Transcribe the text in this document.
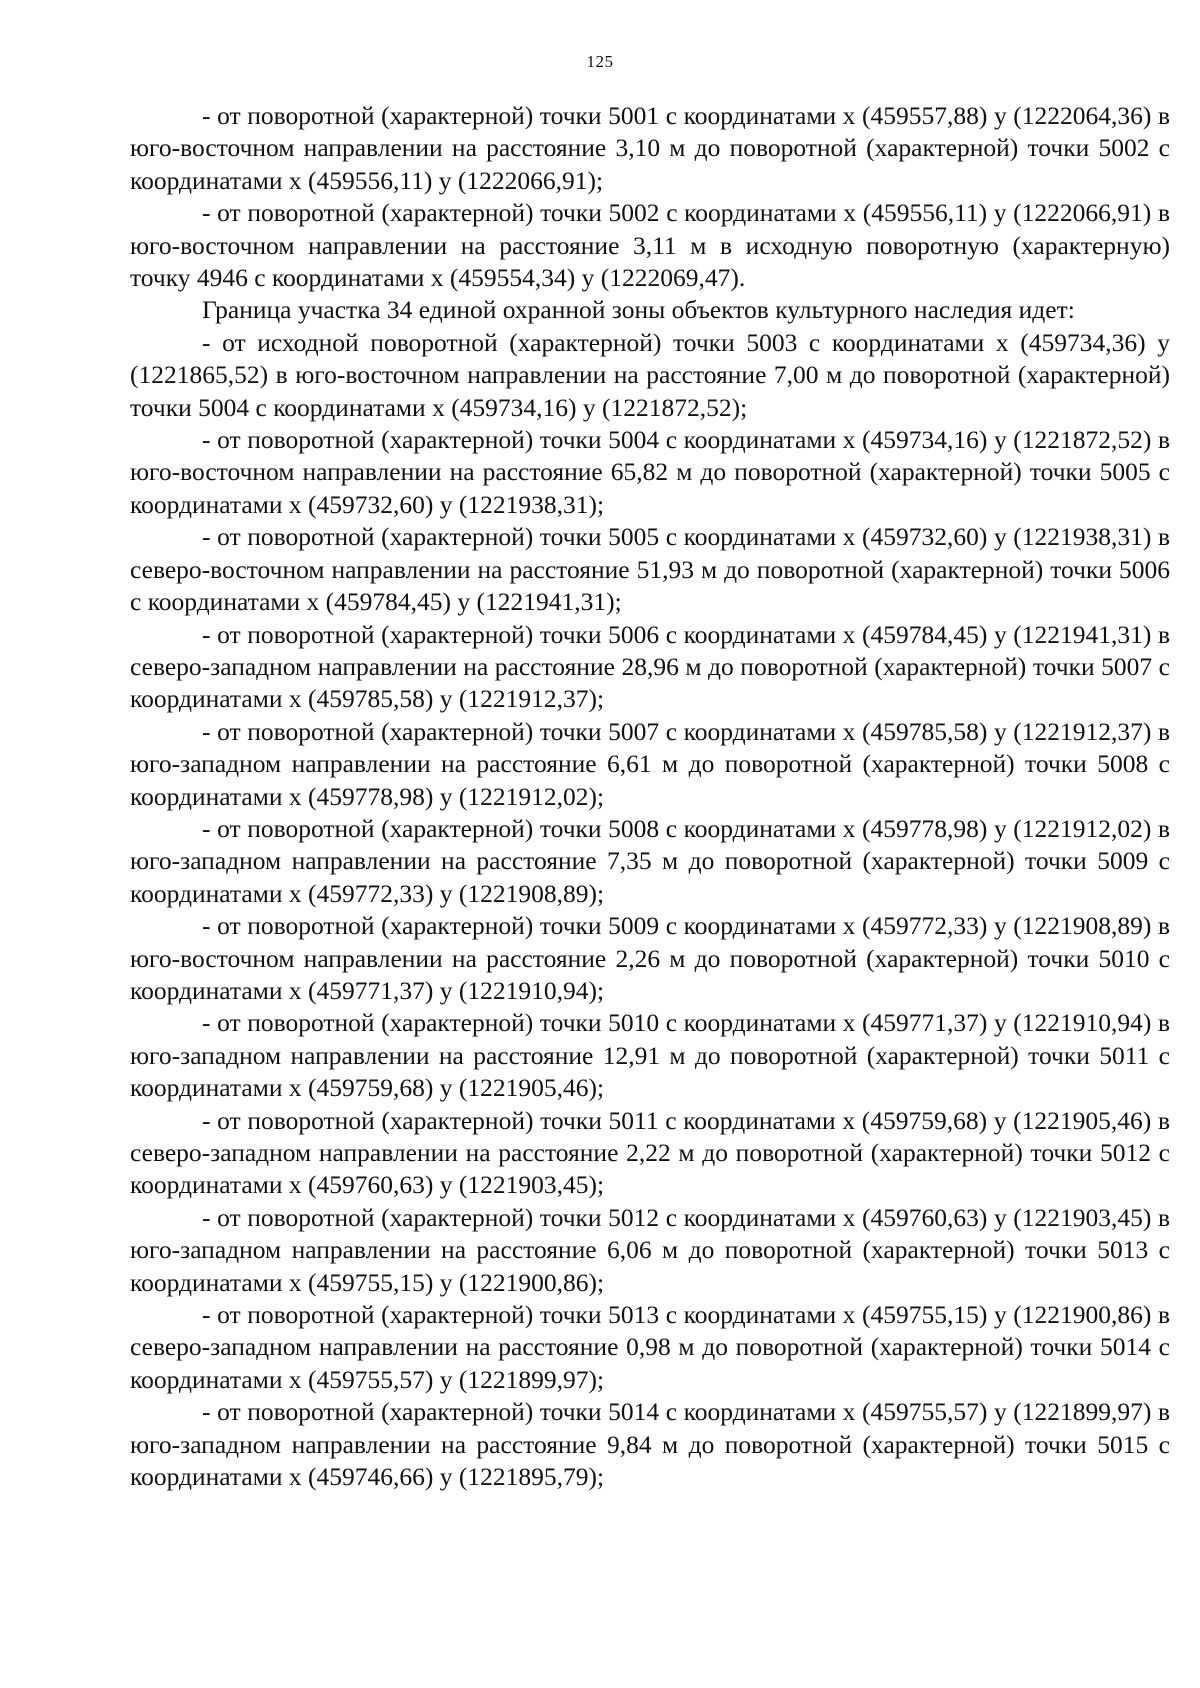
125

- от поворотной (характерной) точки 5001 с координатами х (459557,88) у (1222064,36) в юго-восточном направлении на расстояние 3,10 м до поворотной (характерной) точки 5002 с координатами х (459556,11) у (1222066,91);

- от поворотной (характерной) точки 5002 с координатами х (459556,11) у (1222066,91) в юго-восточном направлении на расстояние 3,11 м в исходную поворотную (характерную) точку 4946 с координатами х (459554,34) у (1222069,47).

Граница участка 34 единой охранной зоны объектов культурного наследия идет:

- от исходной поворотной (характерной) точки 5003 с координатами х (459734,36) у (1221865,52) в юго-восточном направлении на расстояние 7,00 м до поворотной (характерной) точки 5004 с координатами х (459734,16) у (1221872,52);

- от поворотной (характерной) точки 5004 с координатами х (459734,16) у (1221872,52) в юго-восточном направлении на расстояние 65,82 м до поворотной (характерной) точки 5005 с координатами х (459732,60) у (1221938,31);

- от поворотной (характерной) точки 5005 с координатами х (459732,60) у (1221938,31) в северо-восточном направлении на расстояние 51,93 м до поворотной (характерной) точки 5006 с координатами х (459784,45) у (1221941,31);

- от поворотной (характерной) точки 5006 с координатами х (459784,45) у (1221941,31) в северо-западном направлении на расстояние 28,96 м до поворотной (характерной) точки 5007 с координатами х (459785,58) у (1221912,37);

- от поворотной (характерной) точки 5007 с координатами х (459785,58) у (1221912,37) в юго-западном направлении на расстояние 6,61 м до поворотной (характерной) точки 5008 с координатами х (459778,98) у (1221912,02);

- от поворотной (характерной) точки 5008 с координатами х (459778,98) у (1221912,02) в юго-западном направлении на расстояние 7,35 м до поворотной (характерной) точки 5009 с координатами х (459772,33) у (1221908,89);

- от поворотной (характерной) точки 5009 с координатами х (459772,33) у (1221908,89) в юго-восточном направлении на расстояние 2,26 м до поворотной (характерной) точки 5010 с координатами х (459771,37) у (1221910,94);

- от поворотной (характерной) точки 5010 с координатами х (459771,37) у (1221910,94) в юго-западном направлении на расстояние 12,91 м до поворотной (характерной) точки 5011 с координатами х (459759,68) у (1221905,46);

- от поворотной (характерной) точки 5011 с координатами х (459759,68) у (1221905,46) в северо-западном направлении на расстояние 2,22 м до поворотной (характерной) точки 5012 с координатами х (459760,63) у (1221903,45);

- от поворотной (характерной) точки 5012 с координатами х (459760,63) у (1221903,45) в юго-западном направлении на расстояние 6,06 м до поворотной (характерной) точки 5013 с координатами х (459755,15) у (1221900,86);

- от поворотной (характерной) точки 5013 с координатами х (459755,15) у (1221900,86) в северо-западном направлении на расстояние 0,98 м до поворотной (характерной) точки 5014 с координатами х (459755,57) у (1221899,97);

- от поворотной (характерной) точки 5014 с координатами х (459755,57) у (1221899,97) в юго-западном направлении на расстояние 9,84 м до поворотной (характерной) точки 5015 с координатами х (459746,66) у (1221895,79);
